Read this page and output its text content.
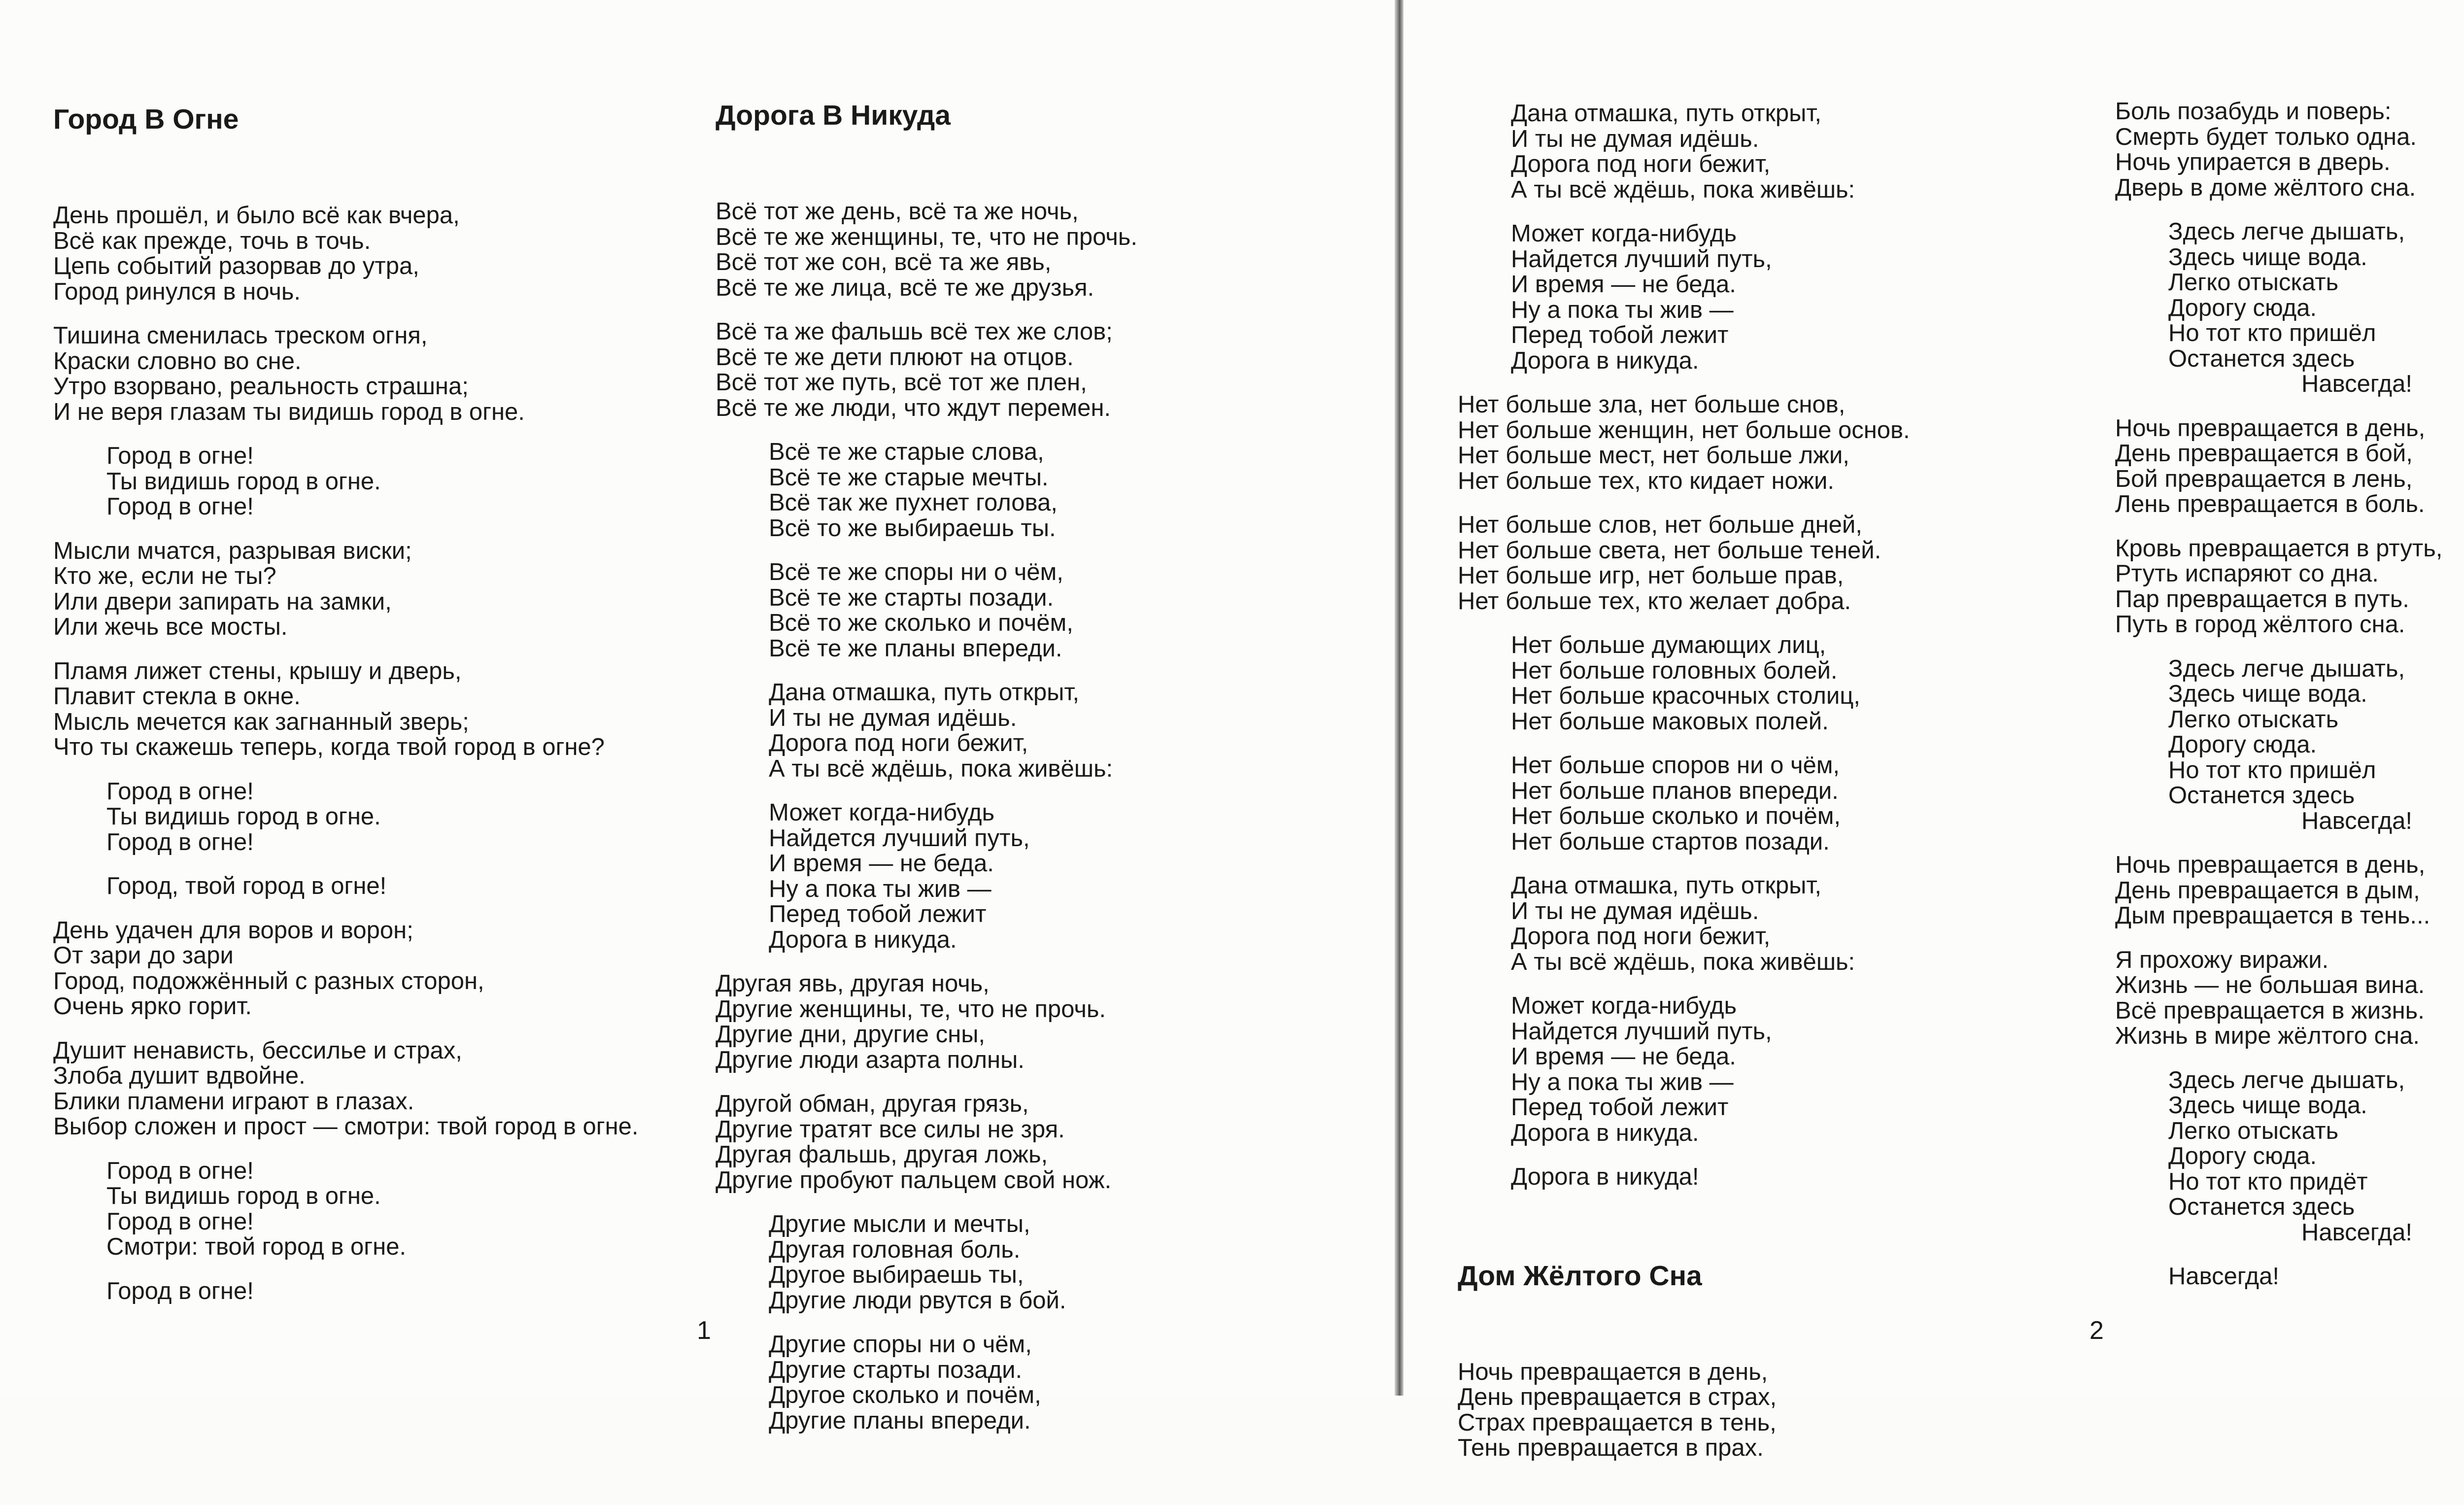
Город В Огне

День прошёл, и было всё как вчера,
Всё как прежде, точь в точь.
Цепь событий разорвав до утра,
Город ринулся в ночь.
Тишина сменилась треском огня,
Краски словно во сне.
Утро взорвано, реальность страшна;
И не веря глазам ты видишь город в огне.
Город в огне!
Ты видишь город в огне.
Город в огне!
Мысли мчатся, разрывая виски;
Кто же, если не ты?
Или двери запирать на замки,
Или жечь все мосты.
Пламя лижет стены, крышу и дверь,
Плавит стекла в окне.
Мысль мечется как загнанный зверь;
Что ты скажешь теперь, когда твой город в огне?
Город в огне!
Ты видишь город в огне.
Город в огне!
Город, твой город в огне!
День удачен для воров и ворон;
От зари до зари
Город, подожжённый с разных сторон,
Очень ярко горит.
Душит ненависть, бессилье и страх,
Злоба душит вдвойне.
Блики пламени играют в глазах.
Выбор сложен и прост — смотри: твой город в огне.
Город в огне!
Ты видишь город в огне.
Город в огне!
Смотри: твой город в огне.
Город в огне!

Дорога В Никуда

Всё тот же день, всё та же ночь,
Всё те же женщины, те, что не прочь.
Всё тот же сон, всё та же явь,
Всё те же лица, всё те же друзья.
Всё та же фальшь всё тех же слов;
Всё те же дети плюют на отцов.
Всё тот же путь, всё тот же плен,
Всё те же люди, что ждут перемен.
Всё те же старые слова,
Всё те же старые мечты.
Всё так же пухнет голова,
Всё то же выбираешь ты.
Всё те же споры ни о чём,
Всё те же старты позади.
Всё то же сколько и почём,
Всё те же планы впереди.
Дана отмашка, путь открыт,
И ты не думая идёшь.
Дорога под ноги бежит,
А ты всё ждёшь, пока живёшь:
Может когда-нибудь
Найдется лучший путь,
И время — не беда.
Ну а пока ты жив —
Перед тобой лежит
Дорога в никуда.
Другая явь, другая ночь,
Другие женщины, те, что не прочь.
Другие дни, другие сны,
Другие люди азарта полны.
Другой обман, другая грязь,
Другие тратят все силы не зря.
Другая фальшь, другая ложь,
Другие пробуют пальцем свой нож.
Другие мысли и мечты,
Другая головная боль.
Другое выбираешь ты,
Другие люди рвутся в бой.
Другие споры ни о чём,
Другие старты позади.
Другое сколько и почём,
Другие планы впереди.

1

Дана отмашка, путь открыт,
И ты не думая идёшь.
Дорога под ноги бежит,
А ты всё ждёшь, пока живёшь:
Может когда-нибудь
Найдется лучший путь,
И время — не беда.
Ну а пока ты жив —
Перед тобой лежит
Дорога в никуда.
Нет больше зла, нет больше снов,
Нет больше женщин, нет больше основ.
Нет больше мест, нет больше лжи,
Нет больше тех, кто кидает ножи.
Нет больше слов, нет больше дней,
Нет больше света, нет больше теней.
Нет больше игр, нет больше прав,
Нет больше тех, кто желает добра.
Нет больше думающих лиц,
Нет больше головных болей.
Нет больше красочных столиц,
Нет больше маковых полей.
Нет больше споров ни о чём,
Нет больше планов впереди.
Нет больше сколько и почём,
Нет больше стартов позади.
Дана отмашка, путь открыт,
И ты не думая идёшь.
Дорога под ноги бежит,
А ты всё ждёшь, пока живёшь:
Может когда-нибудь
Найдется лучший путь,
И время — не беда.
Ну а пока ты жив —
Перед тобой лежит
Дорога в никуда.
Дорога в никуда!

Дом Жёлтого Сна

Ночь превращается в день,
День превращается в страх,
Страх превращается в тень,
Тень превращается в прах.

Боль позабудь и поверь:
Смерть будет только одна.
Ночь упирается в дверь.
Дверь в доме жёлтого сна.
Здесь легче дышать,
Здесь чище вода.
Легко отыскать
Дорогу сюда.
Но тот кто пришёл
Останется здесь
Навсегда!
Ночь превращается в день,
День превращается в бой,
Бой превращается в лень,
Лень превращается в боль.
Кровь превращается в ртуть,
Ртуть испаряют со дна.
Пар превращается в путь.
Путь в город жёлтого сна.
Здесь легче дышать,
Здесь чище вода.
Легко отыскать
Дорогу сюда.
Но тот кто пришёл
Останется здесь
Навсегда!
Ночь превращается в день,
День превращается в дым,
Дым превращается в тень...
Я прохожу виражи.
Жизнь — не большая вина.
Всё превращается в жизнь.
Жизнь в мире жёлтого сна.
Здесь легче дышать,
Здесь чище вода.
Легко отыскать
Дорогу сюда.
Но тот кто придёт
Останется здесь
Навсегда!
Навсегда!

2
